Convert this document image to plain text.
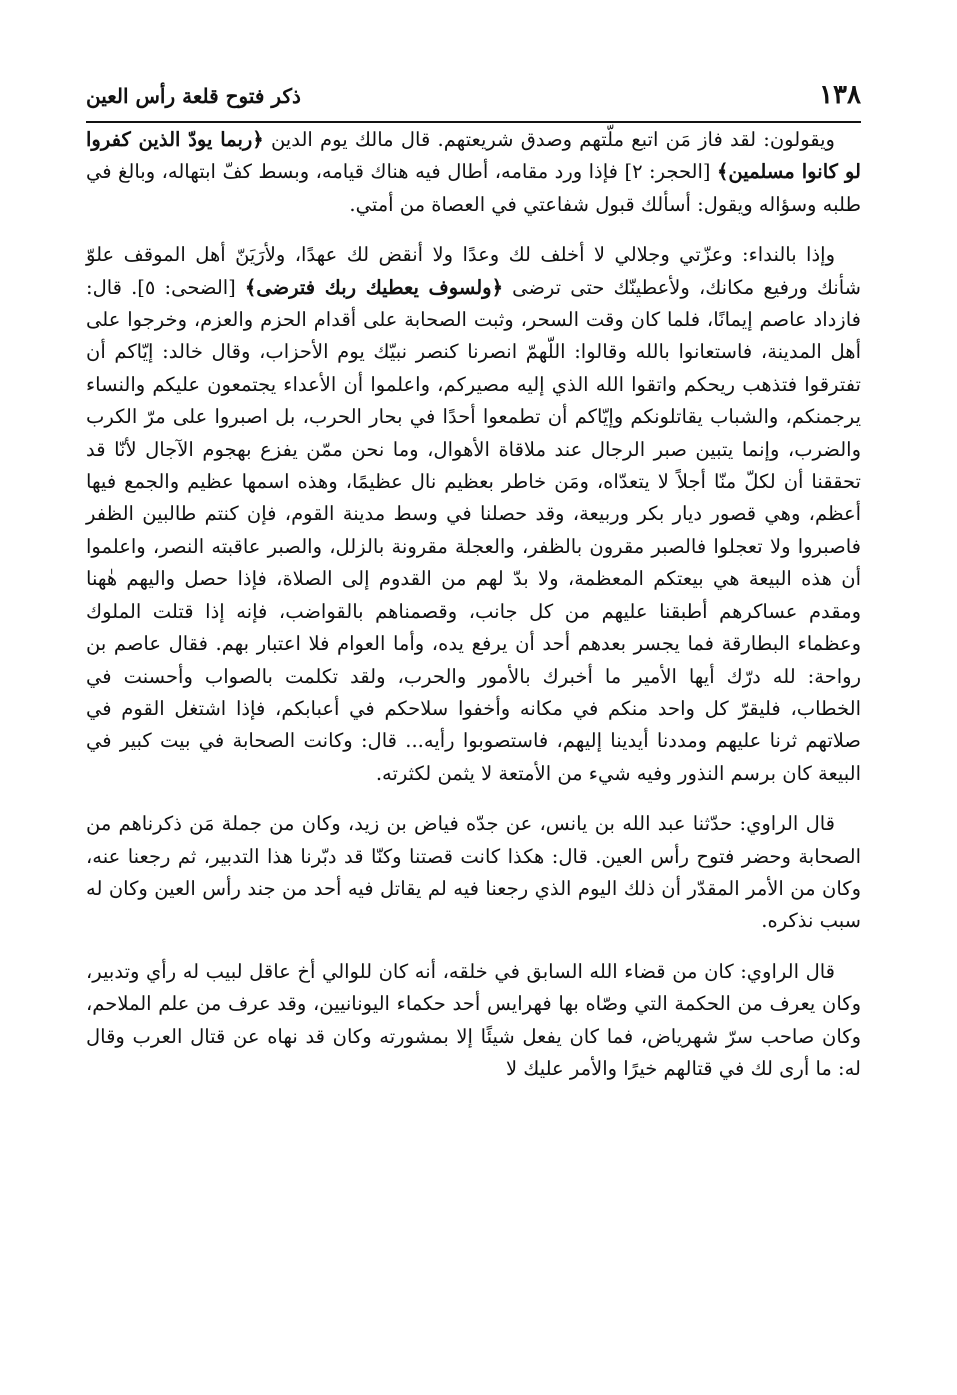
١٣٨
ذكر فتوح قلعة رأس العين

ويقولون: لقد فاز مَن اتبع ملّتهم وصدق شريعتهم. قال مالك يوم الدين ﴿ربما يودّ الذين كفروا لو كانوا مسلمين﴾ [الحجر: ٢] فإذا ورد مقامه، أطال فيه هناك قيامه، وبسط كفّ ابتهاله، وبالغ في طلبه وسؤاله ويقول: أسألك قبول شفاعتي في العصاة من أمتي.

وإذا بالنداء: وعزّتي وجلالي لا أخلف لك وعدًا ولا أنقض لك عهدًا، ولأرَيَنّ أهل الموقف علوّ شأنك ورفيع مكانك، ولأعطينّك حتى ترضى ﴿ولسوف يعطيك ربك فترضى﴾ [الضحى: ٥]. قال: فازداد عاصم إيمانًا، فلما كان وقت السحر، وثبت الصحابة على أقدام الحزم والعزم، وخرجوا على أهل المدينة، فاستعانوا بالله وقالوا: اللّهمّ انصرنا كنصر نبيّك يوم الأحزاب، وقال خالد: إيّاكم أن تفترقوا فتذهب ريحكم واتقوا الله الذي إليه مصيركم، واعلموا أن الأعداء يجتمعون عليكم والنساء يرجمنكم، والشباب يقاتلونكم وإيّاكم أن تطمعوا أحدًا في بحار الحرب، بل اصبروا على مرّ الكرب والضرب، وإنما يتبين صبر الرجال عند ملاقاة الأهوال، وما نحن ممّن يفزع بهجوم الآجال لأنّا قد تحققنا أن لكلّ منّا أجلاً لا يتعدّاه، ومَن خاطر بعظيم نال عظيمًا، وهذه اسمها عظيم والجمع فيها أعظم، وهي قصور ديار بكر وربيعة، وقد حصلنا في وسط مدينة القوم، فإن كنتم طالبين الظفر فاصبروا ولا تعجلوا فالصبر مقرون بالظفر، والعجلة مقرونة بالزلل، والصبر عاقبته النصر، واعلموا أن هذه البيعة هي بيعتكم المعظمة، ولا بدّ لهم من القدوم إلى الصلاة، فإذا حصل واليهم هٰهنا ومقدم عساكرهم أطبقنا عليهم من كل جانب، وقصمناهم بالقواضب، فإنه إذا قتلت الملوك وعظماء البطارقة فما يجسر بعدهم أحد أن يرفع يده، وأما العوام فلا اعتبار بهم. فقال عاصم بن رواحة: لله درّك أيها الأمير ما أخبرك بالأمور والحرب، ولقد تكلمت بالصواب وأحسنت في الخطاب، فليقرّ كل واحد منكم في مكانه وأخفوا سلاحكم في أعبابكم، فإذا اشتغل القوم في صلاتهم ثرنا عليهم ومددنا أيدينا إليهم، فاستصوبوا رأيه... قال: وكانت الصحابة في بيت كبير في البيعة كان برسم النذور وفيه شيء من الأمتعة لا يثمن لكثرته.

قال الراوي: حدّثنا عبد الله بن يانس، عن جدّه فياض بن زيد، وكان من جملة مَن ذكرناهم من الصحابة وحضر فتوح رأس العين. قال: هكذا كانت قصتنا وكنّا قد دبّرنا هذا التدبير، ثم رجعنا عنه، وكان من الأمر المقدّر أن ذلك اليوم الذي رجعنا فيه لم يقاتل فيه أحد من جند رأس العين وكان له سبب نذكره.

قال الراوي: كان من قضاء الله السابق في خلقه، أنه كان للوالي أخ عاقل لبيب له رأي وتدبير، وكان يعرف من الحكمة التي وصّاه بها فهرايس أحد حكماء اليونانيين، وقد عرف من علم الملاحم، وكان صاحب سرّ شهرياض، فما كان يفعل شيئًا إلا بمشورته وكان قد نهاه عن قتال العرب وقال له: ما أرى لك في قتالهم خيرًا والأمر عليك لا
